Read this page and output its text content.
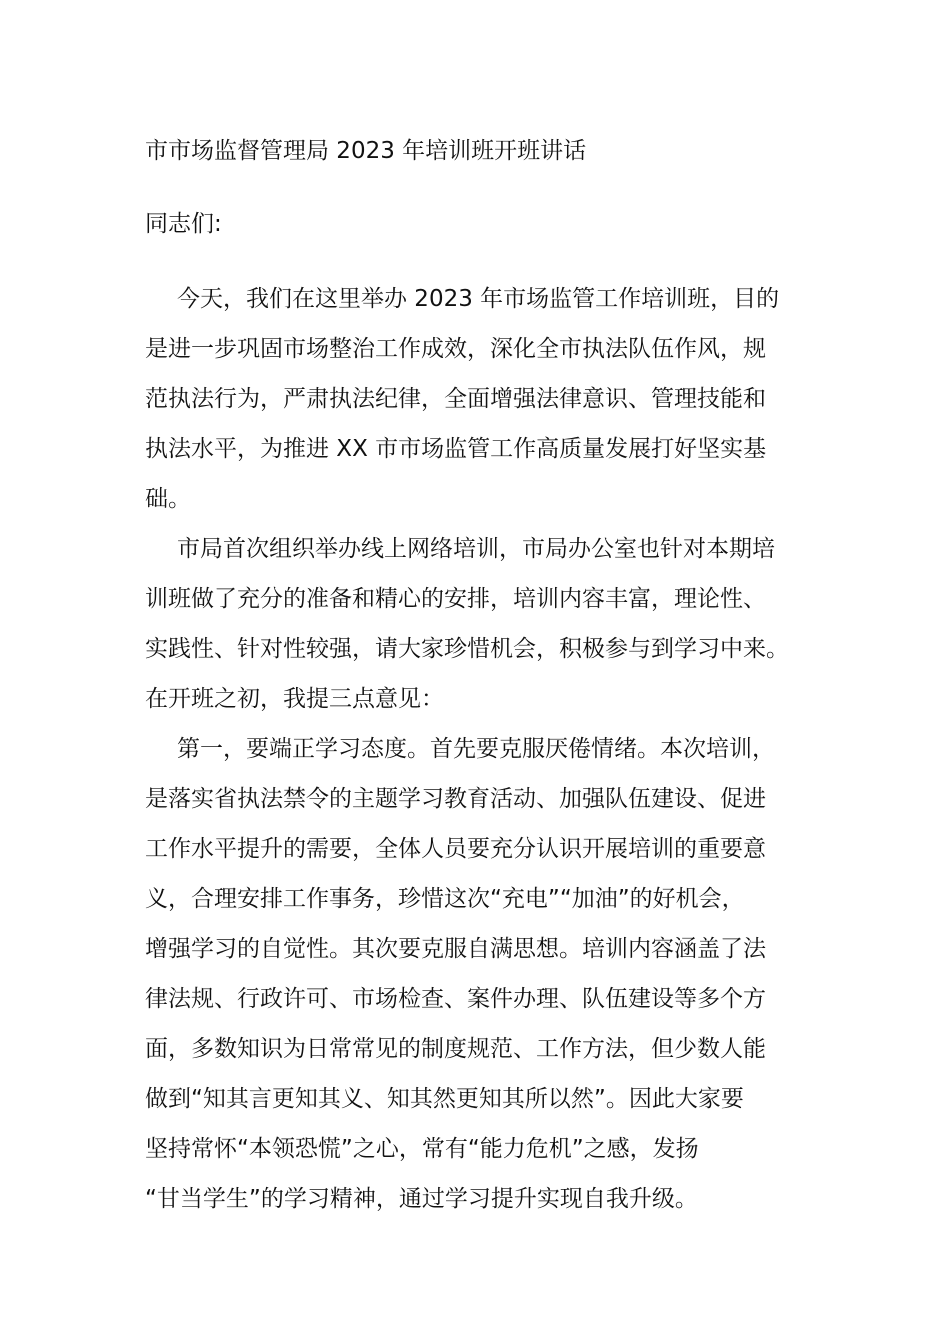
市市场监督管理局 2023 年培训班开班讲话
同志们:
今天，我们在这里举办 2023 年市场监管工作培训班，目的
是进一步巩固市场整治工作成效，深化全市执法队伍作风，规
范执法行为，严肃执法纪律，全面增强法律意识、管理技能和
执法水平，为推进 XX 市市场监管工作高质量发展打好坚实基
础。
市局首次组织举办线上网络培训，市局办公室也针对本期培
训班做了充分的准备和精心的安排，培训内容丰富，理论性、
实践性、针对性较强，请大家珍惜机会，积极参与到学习中来。
在开班之初，我提三点意见：
第一，要端正学习态度。首先要克服厌倦情绪。本次培训，
是落实省执法禁令的主题学习教育活动、加强队伍建设、促进
工作水平提升的需要，全体人员要充分认识开展培训的重要意
义，合理安排工作事务，珍惜这次“充电”“加油”的好机会，
增强学习的自觉性。其次要克服自满思想。培训内容涵盖了法
律法规、行政许可、市场检查、案件办理、队伍建设等多个方
面，多数知识为日常常见的制度规范、工作方法，但少数人能
做到“知其言更知其义、知其然更知其所以然”。因此大家要
坚持常怀“本领恐慌”之心，常有“能力危机”之感，发扬
“甘当学生”的学习精神，通过学习提升实现自我升级。
